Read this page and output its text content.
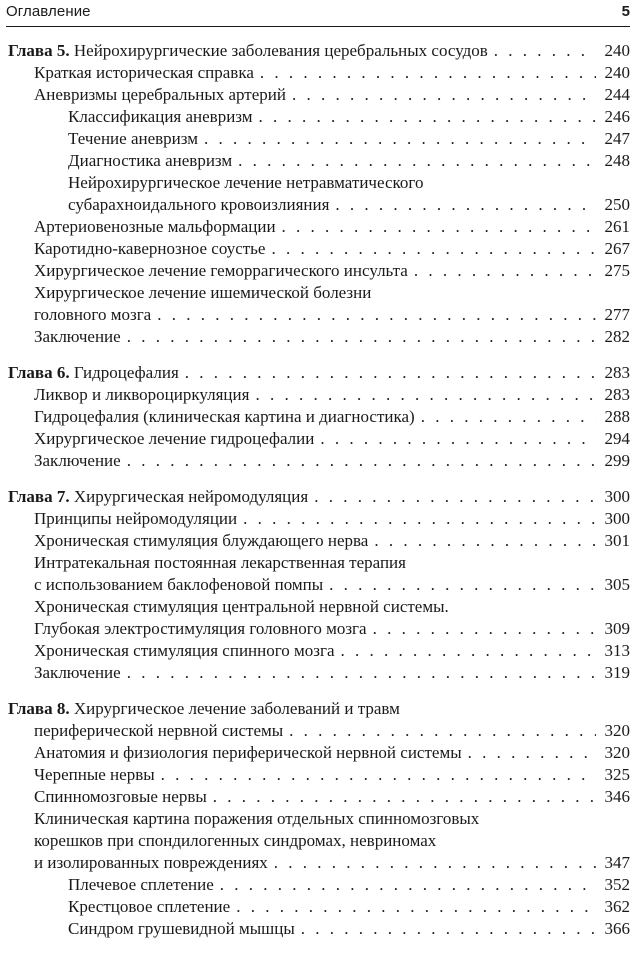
Оглавление	5
Глава 5. Нейрохирургические заболевания церебральных сосудов . . .	240
Краткая историческая справка . . .	240
Аневризмы церебральных артерий . . .	244
Классификация аневризм . . .	246
Течение аневризм . . .	247
Диагностика аневризм . . .	248
Нейрохирургическое лечение нетравматического
субарахноидального кровоизлияния . . .	250
Артериовенозные мальформации . . .	261
Каротидно-кавернозное соустье . . .	267
Хирургическое лечение геморрагического инсульта . . .	275
Хирургическое лечение ишемической болезни
головного мозга . . .	277
Заключение . . .	282
Глава 6. Гидроцефалия . . .	283
Ликвор и ликвороциркуляция . . .	283
Гидроцефалия (клиническая картина и диагностика) . . .	288
Хирургическое лечение гидроцефалии . . .	294
Заключение . . .	299
Глава 7. Хирургическая нейромодуляция . . .	300
Принципы нейромодуляции . . .	300
Хроническая стимуляция блуждающего нерва . . .	301
Интратекальная постоянная лекарственная терапия
с использованием баклофеновой помпы . . .	305
Хроническая стимуляция центральной нервной системы.
Глубокая электростимуляция головного мозга . . .	309
Хроническая стимуляция спинного мозга . . .	313
Заключение . . .	319
Глава 8. Хирургическое лечение заболеваний и травм
периферической нервной системы . . .	320
Анатомия и физиология периферической нервной системы . . .	320
Черепные нервы . . .	325
Спинномозговые нервы . . .	346
Клиническая картина поражения отдельных спинномозговых
корешков при спондилогенных синдромах, невриномах
и изолированных повреждениях . . .	347
Плечевое сплетение . . .	352
Крестцовое сплетение . . .	362
Синдром грушевидной мышцы . . .	366
